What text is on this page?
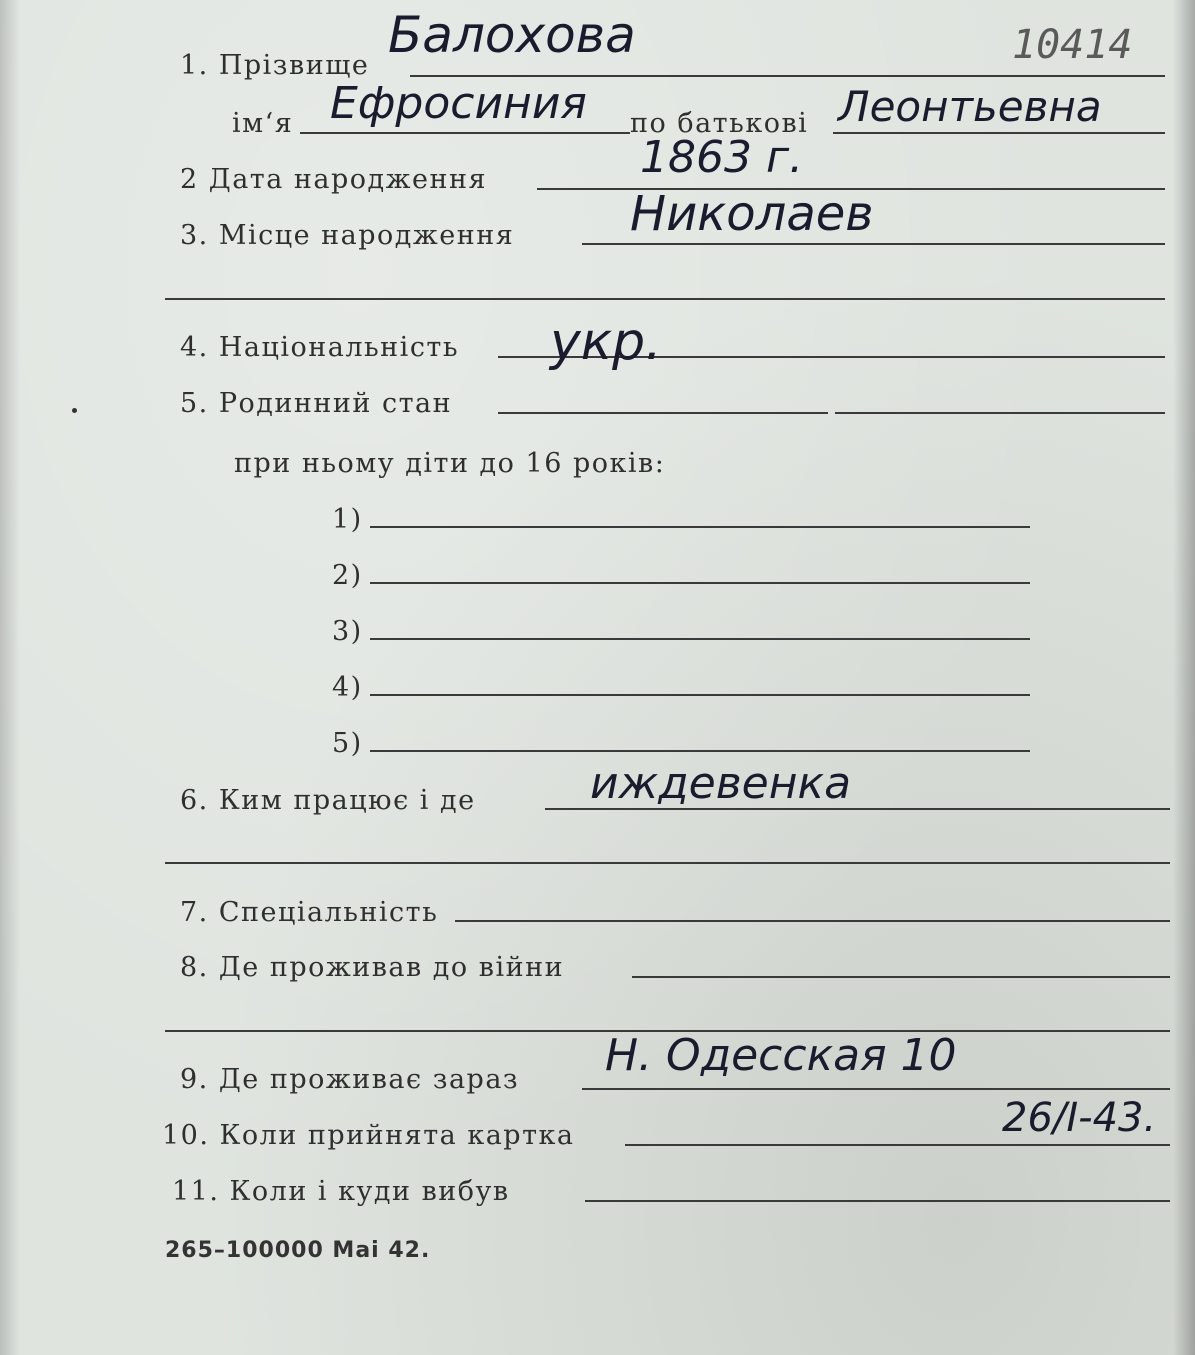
10414
1. Прізвище
Балохова
ім‘я Ефросиния по батькові Леонтьевна
2 Дата народження	1863 г.
3. Місце народження Николаев
4. Національність укр.
5. Родинний стан
при ньому діти до 16 років:
1)
2)
3)
4)
5)
6. Ким працює і де	иждевенка
7. Спеціальність
8. Де проживав до війни
9. Де проживає зараз Н. Одесская 10
10. Коли прийнята картка	26/I-43.
11. Коли і куди вибув
265–100000 Mai 42.
